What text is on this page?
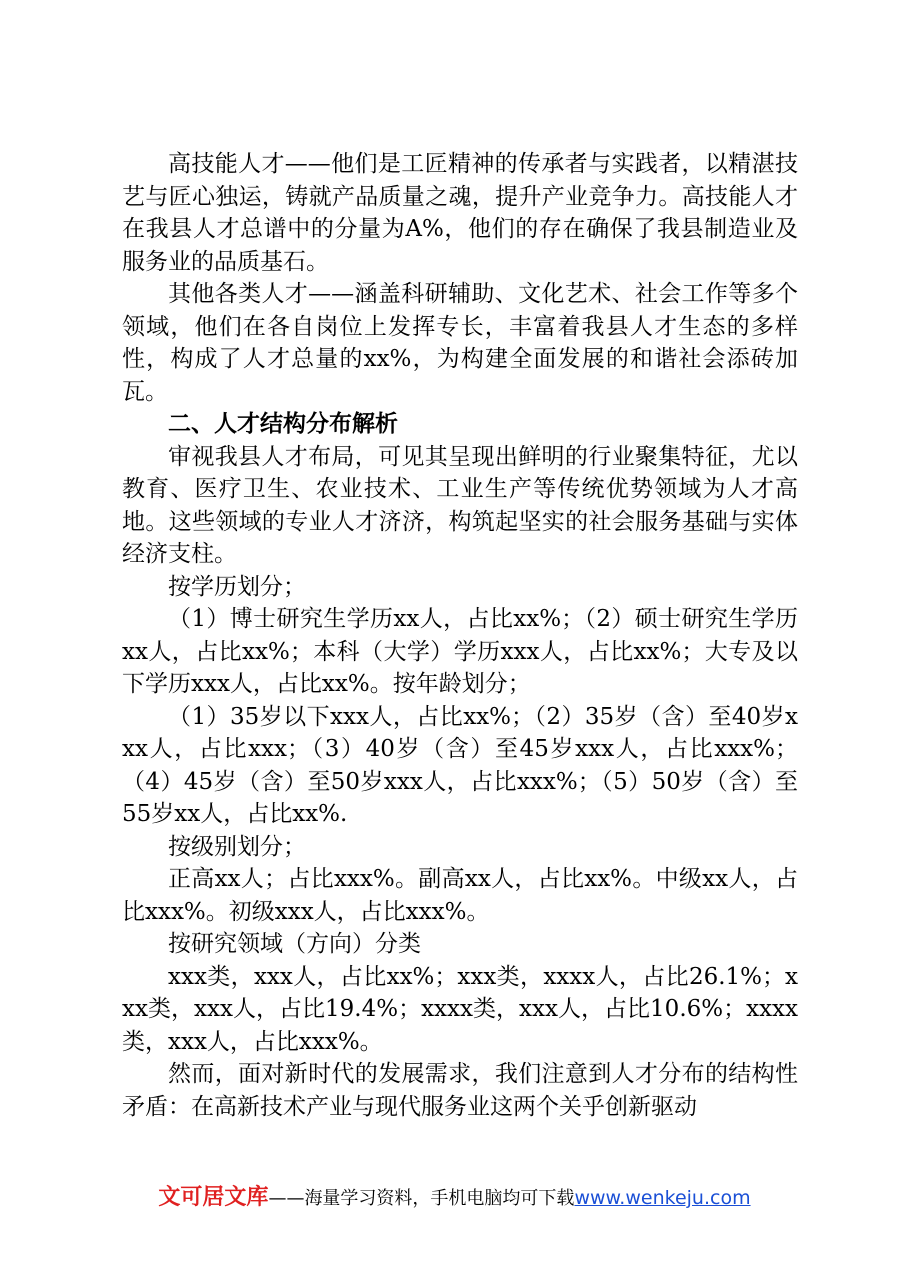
高技能人才——他们是工匠精神的传承者与实践者，以精湛技艺与匠心独运，铸就产品质量之魂，提升产业竞争力。高技能人才在我县人才总谱中的分量为A%，他们的存在确保了我县制造业及服务业的品质基石。

其他各类人才——涵盖科研辅助、文化艺术、社会工作等多个领域，他们在各自岗位上发挥专长，丰富着我县人才生态的多样性，构成了人才总量的xx%，为构建全面发展的和谐社会添砖加瓦。

二、人才结构分布解析

审视我县人才布局，可见其呈现出鲜明的行业聚集特征，尤以教育、医疗卫生、农业技术、工业生产等传统优势领域为人才高地。这些领域的专业人才济济，构筑起坚实的社会服务基础与实体经济支柱。

按学历划分；

（1）博士研究生学历xx人，占比xx%；（2）硕士研究生学历xx人，占比xx%；本科（大学）学历xxx人，占比xx%；大专及以下学历xxx人，占比xx%。按年龄划分；

（1）35岁以下xxx人，占比xx%；（2）35岁（含）至40岁xxx人，占比xxx；（3）40岁（含）至45岁xxx人，占比xxx%；（4）45岁（含）至50岁xxx人，占比xxx%；（5）50岁（含）至55岁xx人，占比xx%.

按级别划分；

正高xx人；占比xxx%。副高xx人，占比xx%。中级xx人，占比xxx%。初级xxx人，占比xxx%。

按研究领域（方向）分类

xxx类，xxx人，占比xx%；xxx类，xxxx人，占比26.1%；xxx类，xxx人，占比19.4%；xxxx类，xxx人，占比10.6%；xxxx类，xxx人，占比xxx%。

然而，面对新时代的发展需求，我们注意到人才分布的结构性矛盾：在高新技术产业与现代服务业这两个关乎创新驱动

文可居文库——海量学习资料，手机电脑均可下载www.wenkeju.com
